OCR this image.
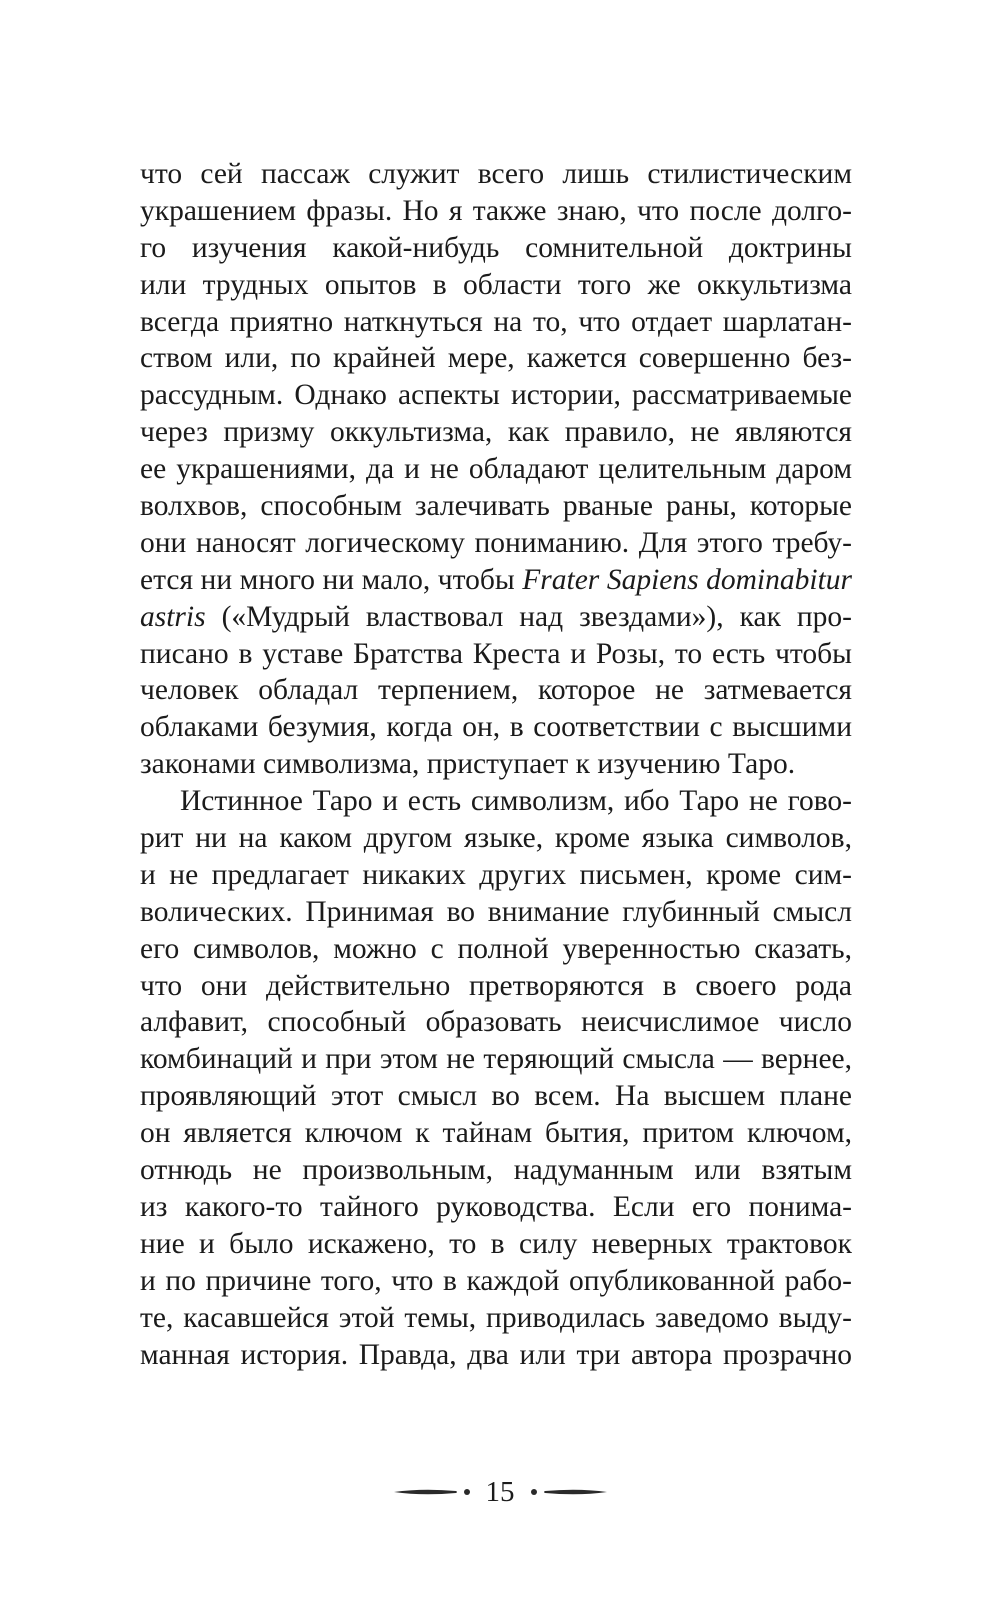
что сей пассаж служит всего лишь стилистическим
украшением фразы. Но я также знаю, что после долго-
го изучения какой-нибудь сомнительной доктрины
или трудных опытов в области того же оккультизма
всегда приятно наткнуться на то, что отдает шарлатан-
ством или, по крайней мере, кажется совершенно без-
рассудным. Однако аспекты истории, рассматриваемые
через призму оккультизма, как правило, не являются
ее украшениями, да и не обладают целительным даром
волхвов, способным залечивать рваные раны, которые
они наносят логическому пониманию. Для этого требу-
ется ни много ни мало, чтобы Frater Sapiens dominabitur
astris («Мудрый властвовал над звездами»), как про-
писано в уставе Братства Креста и Розы, то есть чтобы
человек обладал терпением, которое не затмевается
облаками безумия, когда он, в соответствии с высшими
законами символизма, приступает к изучению Таро.
Истинное Таро и есть символизм, ибо Таро не гово-
рит ни на каком другом языке, кроме языка символов,
и не предлагает никаких других письмен, кроме сим-
волических. Принимая во внимание глубинный смысл
его символов, можно с полной уверенностью сказать,
что они действительно претворяются в своего рода
алфавит, способный образовать неисчислимое число
комбинаций и при этом не теряющий смысла — вернее,
проявляющий этот смысл во всем. На высшем плане
он является ключом к тайнам бытия, притом ключом,
отнюдь не произвольным, надуманным или взятым
из какого-то тайного руководства. Если его понима-
ние и было искажено, то в силу неверных трактовок
и по причине того, что в каждой опубликованной рабо-
те, касавшейся этой темы, приводилась заведомо выду-
манная история. Правда, два или три автора прозрачно
15
